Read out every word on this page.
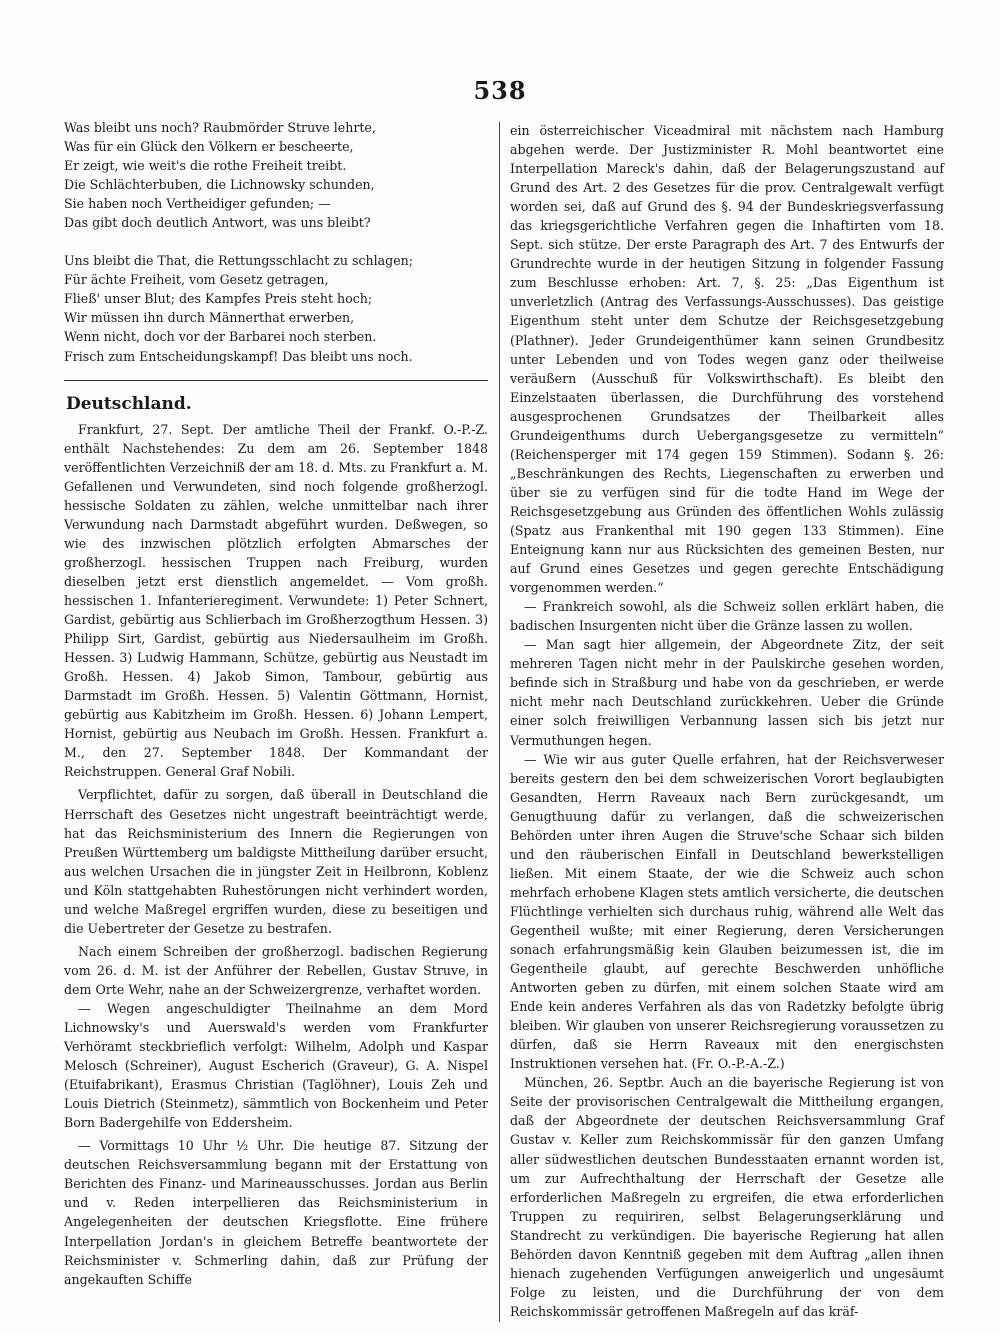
538

Was bleibt uns noch? Raubmörder Struve lehrte,

Was für ein Glück den Völkern er bescheerte,

Er zeigt, wie weit's die rothe Freiheit treibt.

Die Schlächterbuben, die Lichnowsky schunden,

Sie haben noch Vertheidiger gefunden; —

Das gibt doch deutlich Antwort, was uns bleibt?

Uns bleibt die That, die Rettungsschlacht zu schlagen;

Für ächte Freiheit, vom Gesetz getragen,

Fließ' unser Blut; des Kampfes Preis steht hoch;

Wir müssen ihn durch Männerthat erwerben,

Wenn nicht, doch vor der Barbarei noch sterben.

Frisch zum Entscheidungskampf! Das bleibt uns noch.

Deutschland.

Frankfurt, 27. Sept. Der amtliche Theil der Frankf. O.-P.-Z. enthält Nachstehendes: Zu dem am 26. September 1848 veröffentlichten Verzeichniß der am 18. d. Mts. zu Frankfurt a. M. Gefallenen und Verwundeten, sind noch folgende großherzogl. hessische Soldaten zu zählen, welche unmittelbar nach ihrer Verwundung nach Darmstadt abgeführt wurden. Deßwegen, so wie des inzwischen plötzlich erfolgten Abmarsches der großherzogl. hessischen Truppen nach Freiburg, wurden dieselben jetzt erst dienstlich angemeldet. — Vom großh. hessischen 1. Infanterieregiment. Verwundete: 1) Peter Schnert, Gardist, gebürtig aus Schlierbach im Großherzogthum Hessen. 3) Philipp Sirt, Gardist, gebürtig aus Niedersaulheim im Großh. Hessen. 3) Ludwig Hammann, Schütze, gebürtig aus Neustadt im Großh. Hessen. 4) Jakob Simon, Tambour, gebürtig aus Darmstadt im Großh. Hessen. 5) Valentin Göttmann, Hornist, gebürtig aus Kabitzheim im Großh. Hessen. 6) Johann Lempert, Hornist, gebürtig aus Neubach im Großh. Hessen. Frankfurt a. M., den 27. September 1848. Der Kommandant der Reichstruppen. General Graf Nobili.

Verpflichtet, dafür zu sorgen, daß überall in Deutschland die Herrschaft des Gesetzes nicht ungestraft beeinträchtigt werde, hat das Reichsministerium des Innern die Regierungen von Preußen Württemberg um baldigste Mittheilung darüber ersucht, aus welchen Ursachen die in jüngster Zeit in Heilbronn, Koblenz und Köln stattgehabten Ruhestörungen nicht verhindert worden, und welche Maßregel ergriffen wurden, diese zu beseitigen und die Uebertreter der Gesetze zu bestrafen.

Nach einem Schreiben der großherzogl. badischen Regierung vom 26. d. M. ist der Anführer der Rebellen, Gustav Struve, in dem Orte Wehr, nahe an der Schweizergrenze, verhaftet worden.

— Wegen angeschuldigter Theilnahme an dem Mord Lichnowsky's und Auerswald's werden vom Frankfurter Verhöramt steckbrieflich verfolgt: Wilhelm, Adolph und Kaspar Melosch (Schreiner), August Escherich (Graveur), G. A. Nispel (Etuifabrikant), Erasmus Christian (Taglöhner), Louis Zeh und Louis Dietrich (Steinmetz), sämmtlich von Bockenheim und Peter Born Badergehilfe von Eddersheim.

— Vormittags 10 Uhr ½ Uhr. Die heutige 87. Sitzung der deutschen Reichsversammlung begann mit der Erstattung von Berichten des Finanz- und Marineausschusses. Jordan aus Berlin und v. Reden interpellieren das Reichsministerium in Angelegenheiten der deutschen Kriegsflotte. Eine frühere Interpellation Jordan's in gleichem Betreffe beantwortete der Reichsminister v. Schmerling dahin, daß zur Prüfung der angekauften Schiffe

ein österreichischer Viceadmiral mit nächstem nach Hamburg abgehen werde. Der Justizminister R. Mohl beantwortet eine Interpellation Mareck's dahin, daß der Belagerungszustand auf Grund des Art. 2 des Gesetzes für die prov. Centralgewalt verfügt worden sei, daß auf Grund des §. 94 der Bundeskriegsverfassung das kriegsgerichtliche Verfahren gegen die Inhaftirten vom 18. Sept. sich stütze. Der erste Paragraph des Art. 7 des Entwurfs der Grundrechte wurde in der heutigen Sitzung in folgender Fassung zum Beschlusse erhoben: Art. 7, §. 25: „Das Eigenthum ist unverletzlich (Antrag des Verfassungs-Ausschusses). Das geistige Eigenthum steht unter dem Schutze der Reichsgesetzgebung (Plathner). Jeder Grundeigenthümer kann seinen Grundbesitz unter Lebenden und von Todes wegen ganz oder theilweise veräußern (Ausschuß für Volkswirthschaft). Es bleibt den Einzelstaaten überlassen, die Durchführung des vorstehend ausgesprochenen Grundsatzes der Theilbarkeit alles Grundeigenthums durch Uebergangsgesetze zu vermitteln“ (Reichensperger mit 174 gegen 159 Stimmen). Sodann §. 26: „Beschränkungen des Rechts, Liegenschaften zu erwerben und über sie zu verfügen sind für die todte Hand im Wege der Reichsgesetzgebung aus Gründen des öffentlichen Wohls zulässig (Spatz aus Frankenthal mit 190 gegen 133 Stimmen). Eine Enteignung kann nur aus Rücksichten des gemeinen Besten, nur auf Grund eines Gesetzes und gegen gerechte Entschädigung vorgenommen werden.“

— Frankreich sowohl, als die Schweiz sollen erklärt haben, die badischen Insurgenten nicht über die Gränze lassen zu wollen.

— Man sagt hier allgemein, der Abgeordnete Zitz, der seit mehreren Tagen nicht mehr in der Paulskirche gesehen worden, befinde sich in Straßburg und habe von da geschrieben, er werde nicht mehr nach Deutschland zurückkehren. Ueber die Gründe einer solch freiwilligen Verbannung lassen sich bis jetzt nur Vermuthungen hegen.

— Wie wir aus guter Quelle erfahren, hat der Reichsverweser bereits gestern den bei dem schweizerischen Vorort beglaubigten Gesandten, Herrn Raveaux nach Bern zurückgesandt, um Genugthuung dafür zu verlangen, daß die schweizerischen Behörden unter ihren Augen die Struve'sche Schaar sich bilden und den räuberischen Einfall in Deutschland bewerkstelligen ließen. Mit einem Staate, der wie die Schweiz auch schon mehrfach erhobene Klagen stets amtlich versicherte, die deutschen Flüchtlinge verhielten sich durchaus ruhig, während alle Welt das Gegentheil wußte; mit einer Regierung, deren Versicherungen sonach erfahrungsmäßig kein Glauben beizumessen ist, die im Gegentheile glaubt, auf gerechte Beschwerden unhöfliche Antworten geben zu dürfen, mit einem solchen Staate wird am Ende kein anderes Verfahren als das von Radetzky befolgte übrig bleiben. Wir glauben von unserer Reichsregierung voraussetzen zu dürfen, daß sie Herrn Raveaux mit den energischsten Instruktionen versehen hat. (Fr. O.-P.-A.-Z.)

München, 26. Septbr. Auch an die bayerische Regierung ist von Seite der provisorischen Centralgewalt die Mittheilung ergangen, daß der Abgeordnete der deutschen Reichsversammlung Graf Gustav v. Keller zum Reichskommissär für den ganzen Umfang aller südwestlichen deutschen Bundesstaaten ernannt worden ist, um zur Aufrechthaltung der Herrschaft der Gesetze alle erforderlichen Maßregeln zu ergreifen, die etwa erforderlichen Truppen zu requiriren, selbst Belagerungserklärung und Standrecht zu verkündigen. Die bayerische Regierung hat allen Behörden davon Kenntniß gegeben mit dem Auftrag „allen ihnen hienach zugehenden Verfügungen anweigerlich und ungesäumt Folge zu leisten, und die Durchführung der von dem Reichskommissär getroffenen Maßregeln auf das kräf-
